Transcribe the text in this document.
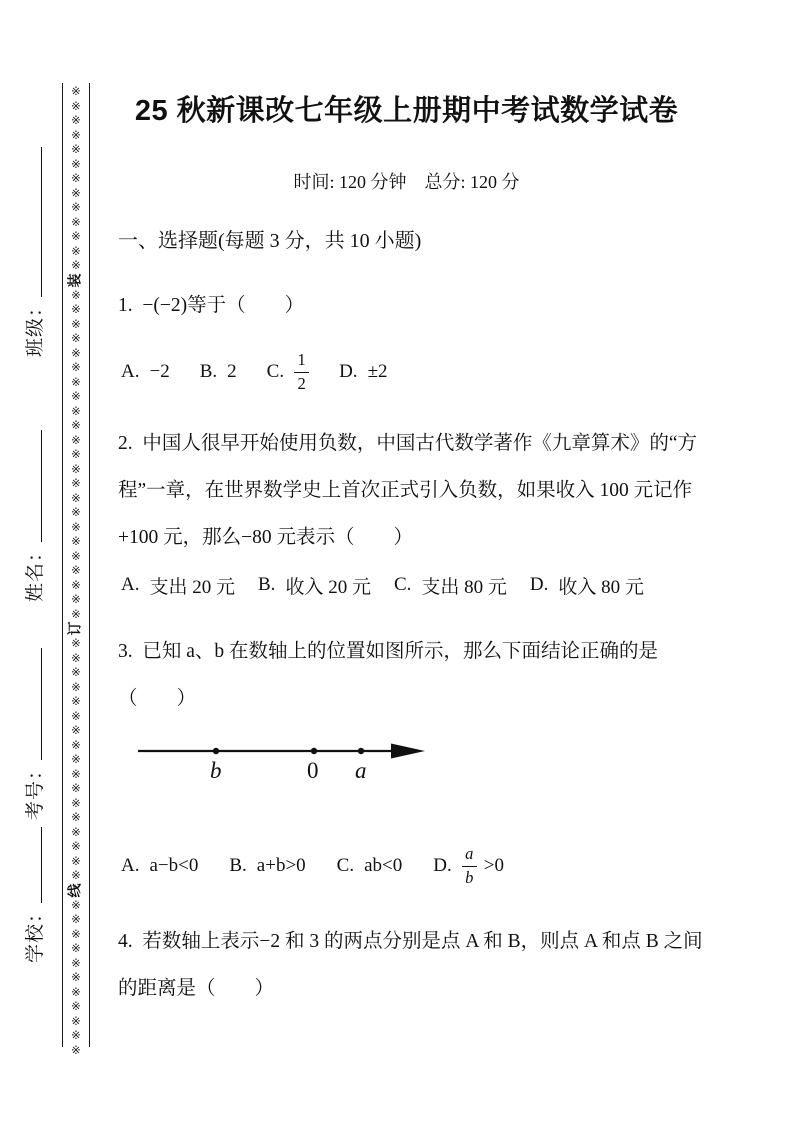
班级：
姓名：
考号：
学校：
※
※
※
※
※
※
※
※
※
※
※
※
※
装
※
※
※
※
※
※
※
※
※
※
※
※
※
※
※
※
※
※
※
※
※
※
※
订
※
※
※
※
※
※
※
※
※
※
※
※
※
※
※
※
※
线
※
※
※
※
※
※
※
※
※
※
※
25 秋新课改七年级上册期中考试数学试卷
时间: 120 分钟　总分: 120 分
一、选择题(每题 3 分，共 10 小题)
1.  −(−2)等于（　　）
A. −2 B. 2 C. $\frac{1}{2} D$. ±2
2.  中国人很早开始使用负数，中国古代数学著作《九章算术》的“方
程”一章，在世界数学史上首次正式引入负数，如果收入 100 元记作
+100 元，那么−80 元表示（　　）
A. 支出 20 元 B. 收入 20 元 C. 支出 80 元 D. 收入 80 元
3.  已知 a、b 在数轴上的位置如图所示，那么下面结论正确的是
（　　）
b	0 a
A. a−b<0 B. a+b>0 C. ab<0 D. $\frac{a}{b} >0$
4.  若数轴上表示−2 和 3 的两点分别是点 A 和 B，则点 A 和点 B 之间
的距离是（　　）
